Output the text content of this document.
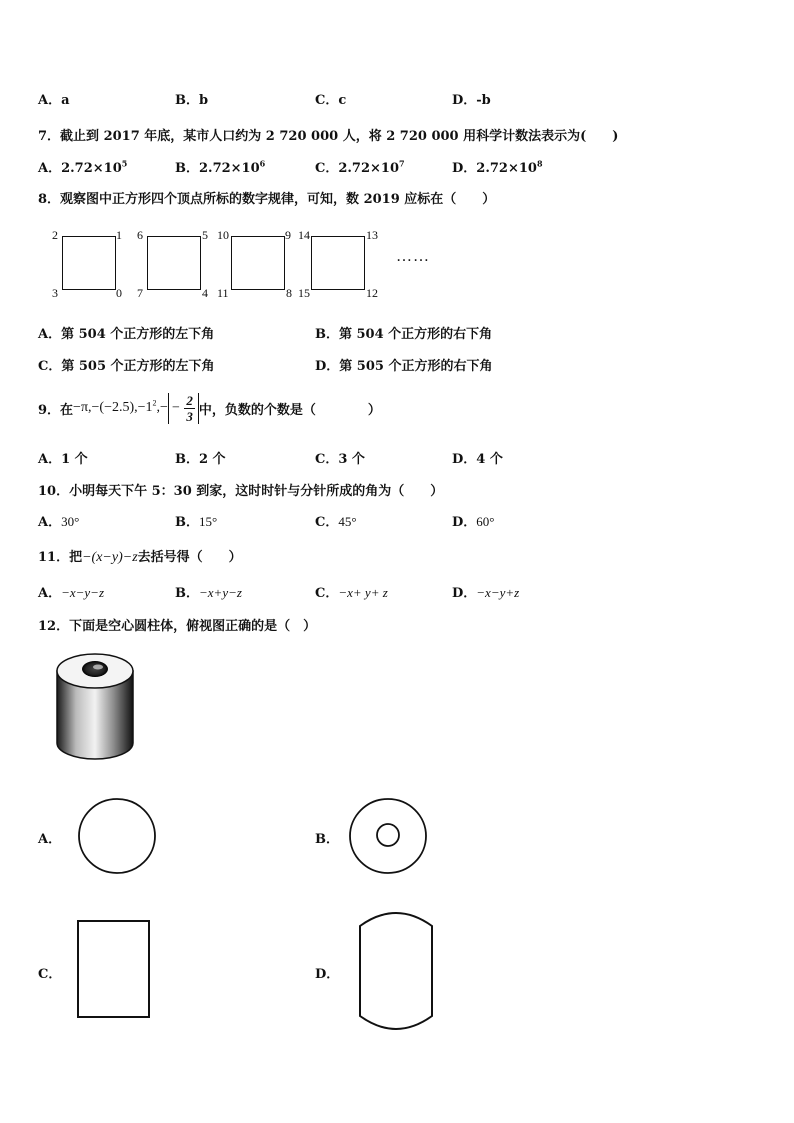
A．a	B．b	C．c	D．-b
7．截止到 2017 年底，某市人口约为 2 720 000 人，将 2 720 000 用科学计数法表示为(　　)
A．$2.72\times 10^5$	B．$2.72\times 10^6$	C．$2.72\times 10^7$	D．$2.72\times 10^8$
8．观察图中正方形四个顶点所标的数字规律，可知，数 2019 应标在（　　）
2	1
3	0
6	5
7	4
10	9
11	8
14	13
15	12
……
A．第 504 个正方形的左下角	B．第 504 个正方形的右下角
C．第 505 个正方形的左下角	D．第 505 个正方形的右下角
9．在 $-\pi,-(-2.5),-1^2,- - \frac{2}{3}$ 中，负数的个数是（　　　　）
A．1 个	B．2 个	C．3 个	D．4 个
10．小明每天下午 5：30 到家，这时时针与分针所成的角为（　　）
A．30°	B．15°	C．45°	D．60°
11．把−(x−y)−z去括号得（　　）
A．−x−y−z	B．−x+y−z	C．−x+ y+ z	D．−x−y+z
12．下面是空心圆柱体，俯视图正确的是（　）
A．	B．
C．	D．
